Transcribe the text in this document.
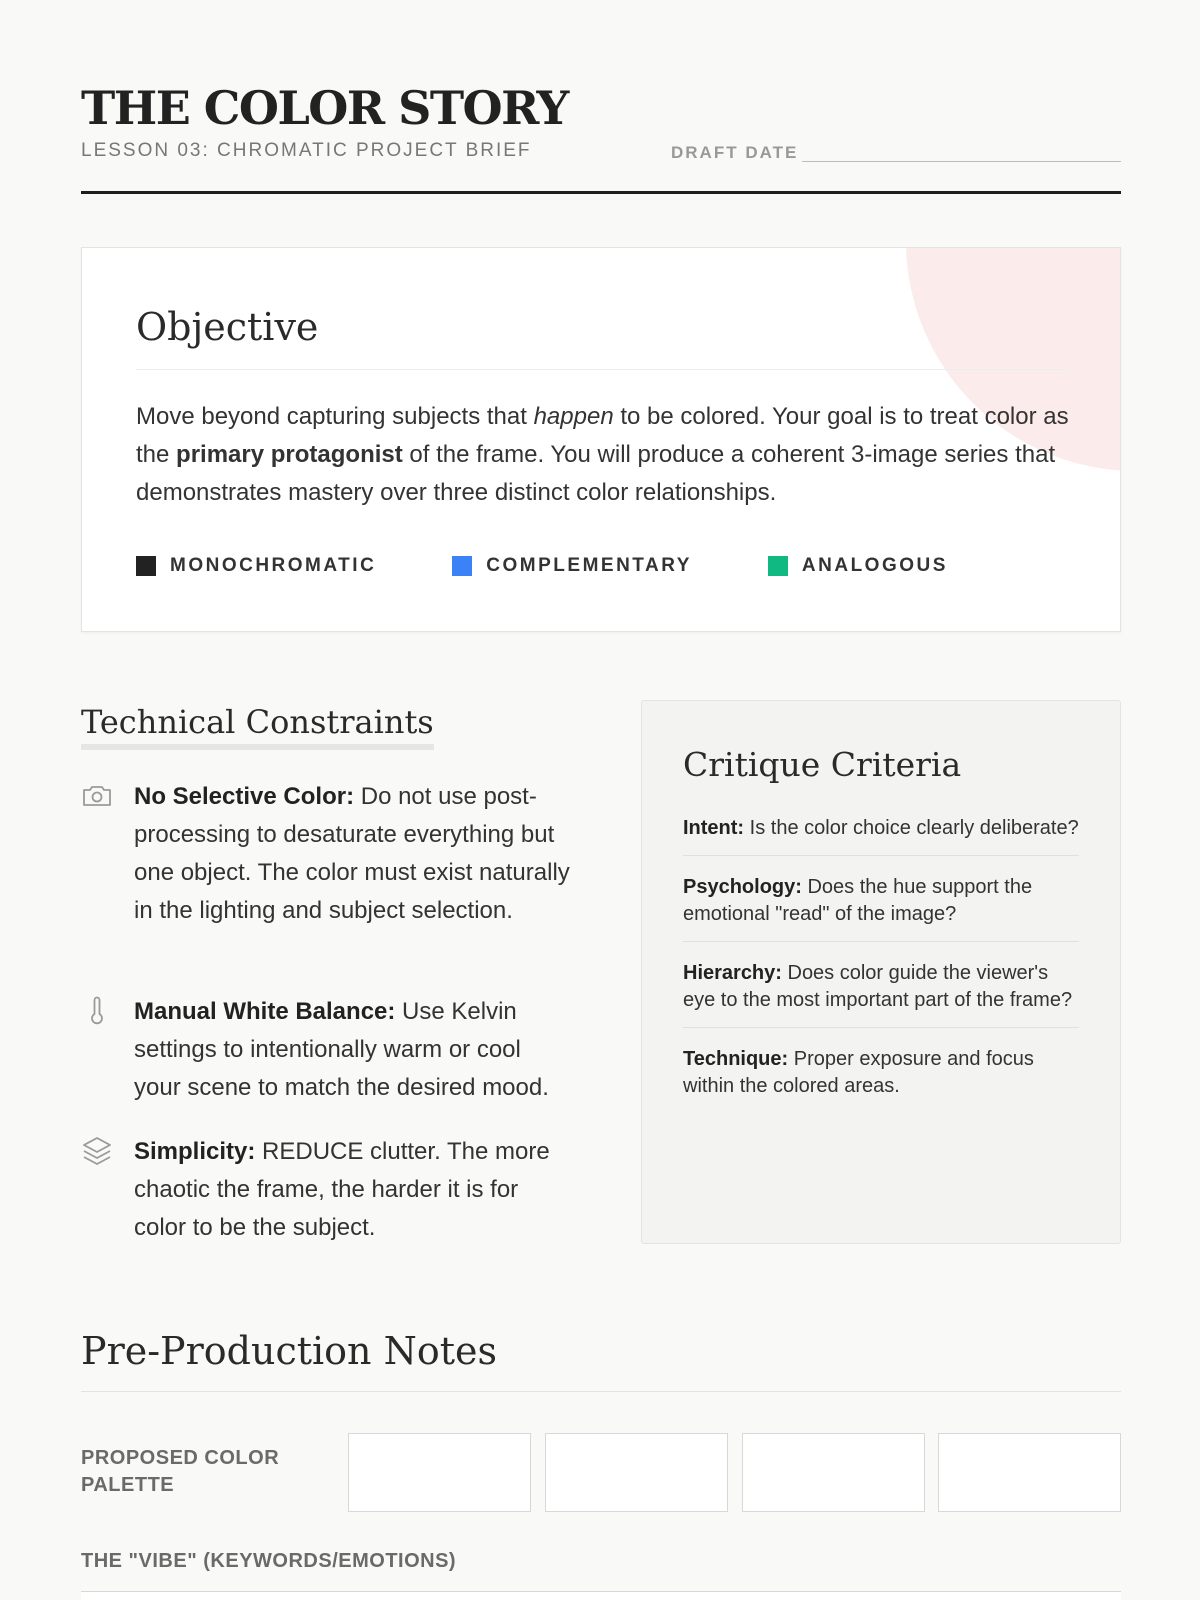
THE COLOR STORY
LESSON 03: CHROMATIC PROJECT BRIEF	DRAFT DATE
Objective

Move beyond capturing subjects that happen to be colored. Your goal is to treat color as the primary protagonist of the frame. You will produce a coherent 3-image series that demonstrates mastery over three distinct color relationships.

MONOCHROMATIC	COMPLEMENTARY	ANALOGOUS
Technical Constraints

No Selective Color: Do not use post-processing to desaturate everything but one object. The color must exist naturally in the lighting and subject selection.

Manual White Balance: Use Kelvin settings to intentionally warm or cool your scene to match the desired mood.

Simplicity: REDUCE clutter. The more chaotic the frame, the harder it is for color to be the subject.

Critique Criteria
Intent: Is the color choice clearly deliberate?
Psychology: Does the hue support the emotional "read" of the image?
Hierarchy: Does color guide the viewer's eye to the most important part of the frame?
Technique: Proper exposure and focus within the colored areas.
Pre-Production Notes
PROPOSED COLOR PALETTE
THE "VIBE" (KEYWORDS/EMOTIONS)
